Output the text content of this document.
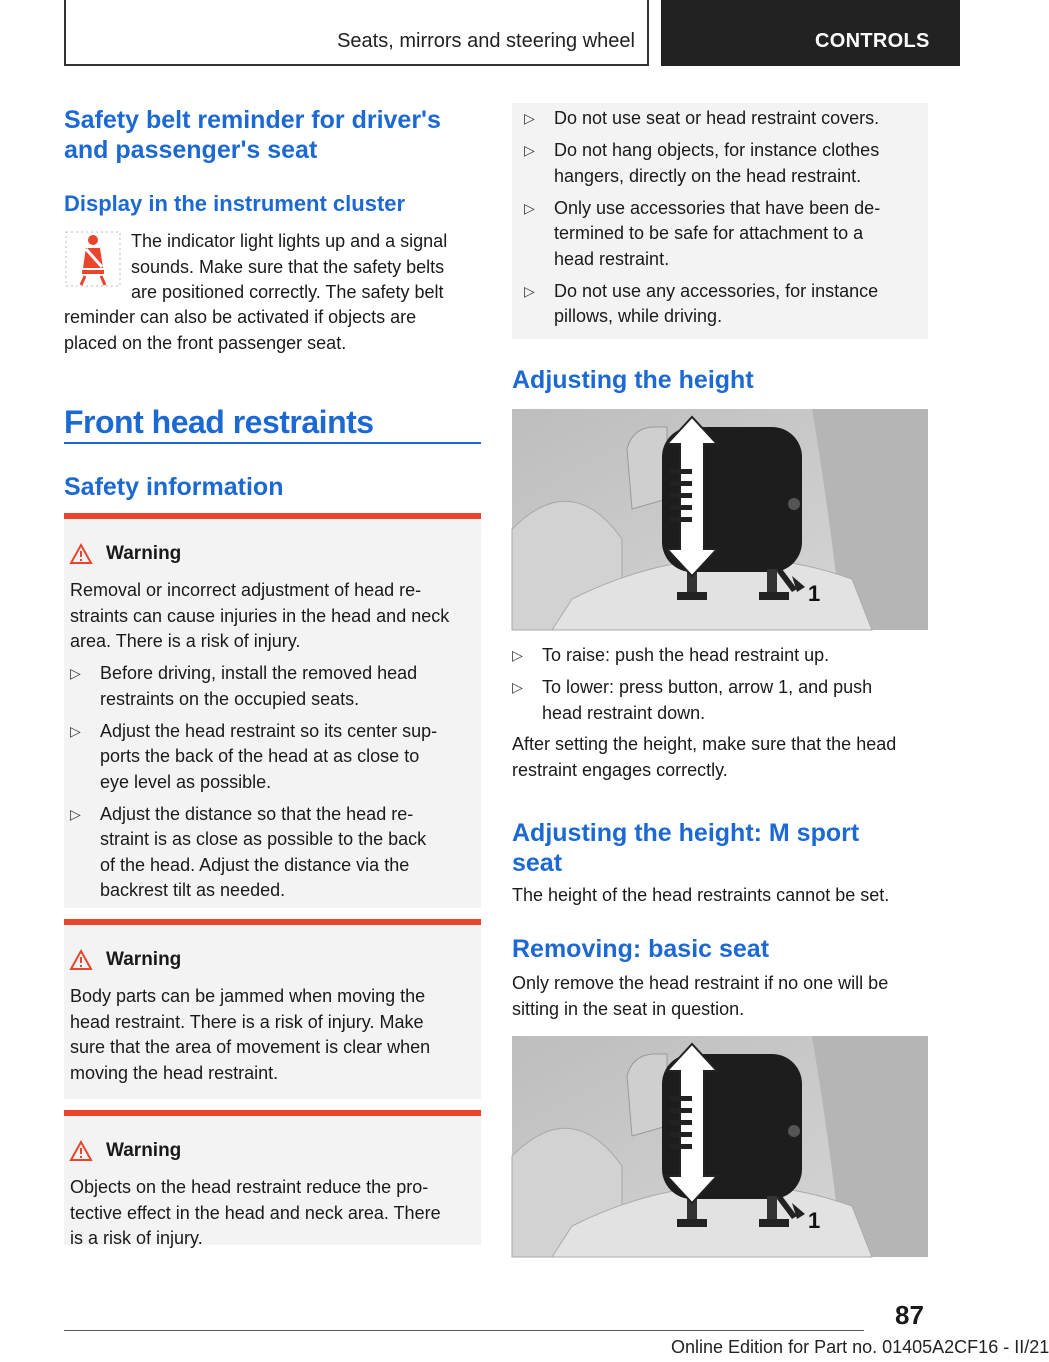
Seats, mirrors and steering wheel	CONTROLS
Safety belt reminder for driver's
and passenger's seat
Display in the instrument cluster
The indicator light lights up and a signal
sounds. Make sure that the safety belts
are positioned correctly. The safety belt
reminder can also be activated if objects are
placed on the front passenger seat.
Front head restraints
Safety information
Warning
Removal or incorrect adjustment of head re-
straints can cause injuries in the head and neck
area. There is a risk of injury.
▷ Before driving, install the removed head
restraints on the occupied seats.
▷ Adjust the head restraint so its center sup-
ports the back of the head at as close to
eye level as possible.
▷ Adjust the distance so that the head re-
straint is as close as possible to the back
of the head. Adjust the distance via the
backrest tilt as needed.
Warning
Body parts can be jammed when moving the
head restraint. There is a risk of injury. Make
sure that the area of movement is clear when
moving the head restraint.
Warning
Objects on the head restraint reduce the pro-
tective effect in the head and neck area. There
is a risk of injury.
▷ Do not use seat or head restraint covers.
▷ Do not hang objects, for instance clothes
hangers, directly on the head restraint.
▷ Only use accessories that have been de-
termined to be safe for attachment to a
head restraint.
▷ Do not use any accessories, for instance
pillows, while driving.
Adjusting the height
1
▷ To raise: push the head restraint up.
▷ To lower: press button, arrow 1, and push
head restraint down.
After setting the height, make sure that the head
restraint engages correctly.
Adjusting the height: M sport
seat
The height of the head restraints cannot be set.
Removing: basic seat
Only remove the head restraint if no one will be
sitting in the seat in question.
1
87
Online Edition for Part no. 01405A2CF16 - II/21
